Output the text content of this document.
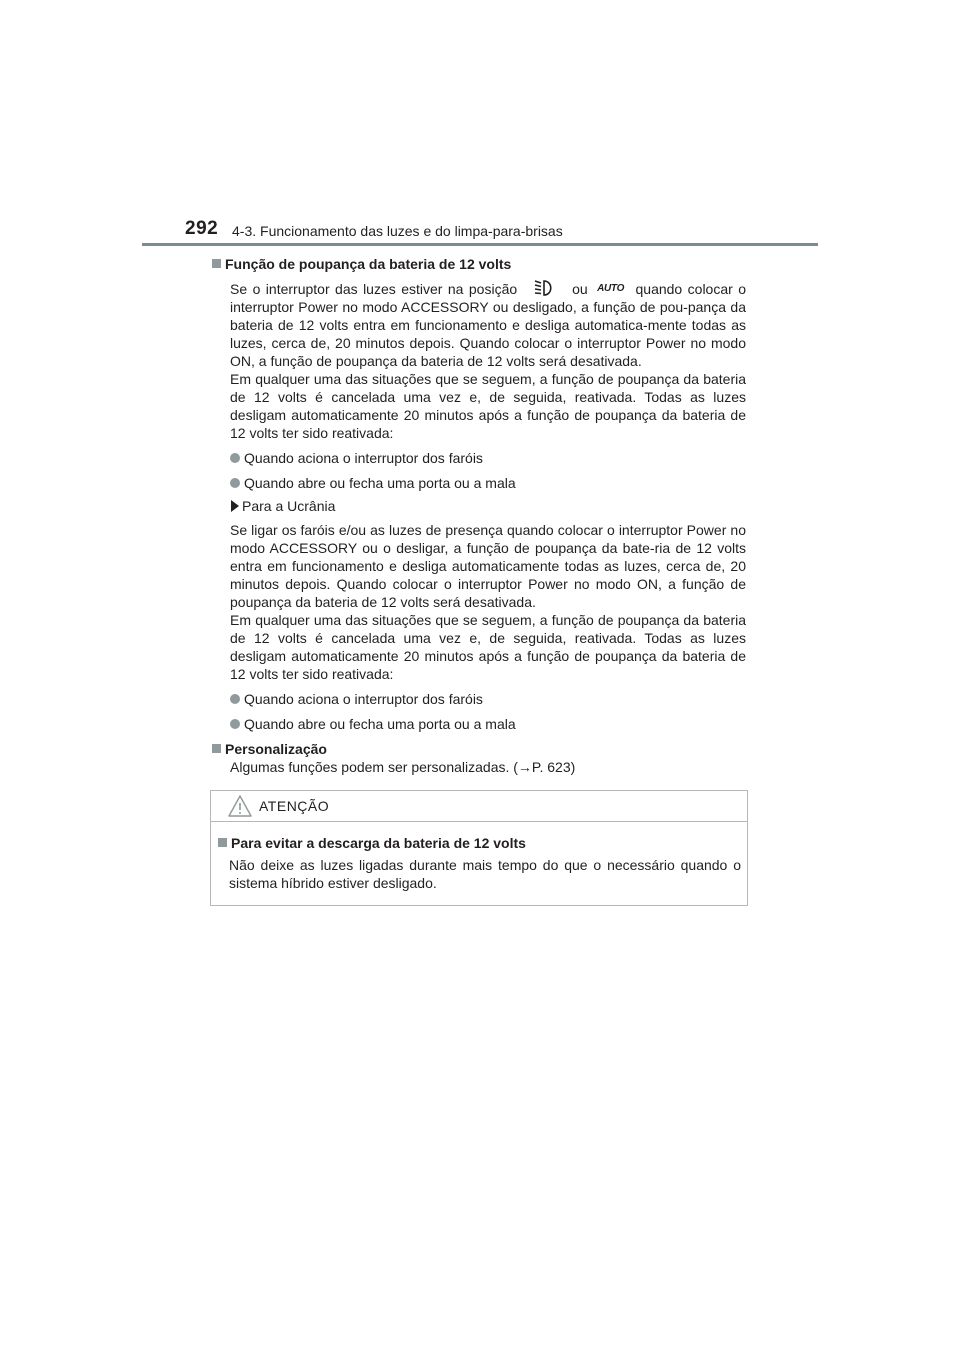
292 4-3. Funcionamento das luzes e do limpa-para-brisas
Função de poupança da bateria de 12 volts

Se o interruptor das luzes estiver na posição	ou AUTO quando colocar o interruptor Power no modo ACCESSORY ou desligado, a função de pou-pança da bateria de 12 volts entra em funcionamento e desliga automatica-mente todas as luzes, cerca de, 20 minutos depois. Quando colocar o interruptor Power no modo ON, a função de poupança da bateria de 12 volts será desativada.

Em qualquer uma das situações que se seguem, a função de poupança da bateria de 12 volts é cancelada uma vez e, de seguida, reativada. Todas as luzes desligam automaticamente 20 minutos após a função de poupança da bateria de 12 volts ter sido reativada:

Quando aciona o interruptor dos faróis
Quando abre ou fecha uma porta ou a mala
Para a Ucrânia

Se ligar os faróis e/ou as luzes de presença quando colocar o interruptor Power no modo ACCESSORY ou o desligar, a função de poupança da bate-ria de 12 volts entra em funcionamento e desliga automaticamente todas as luzes, cerca de, 20 minutos depois. Quando colocar o interruptor Power no modo ON, a função de poupança da bateria de 12 volts será desativada.

Em qualquer uma das situações que se seguem, a função de poupança da bateria de 12 volts é cancelada uma vez e, de seguida, reativada. Todas as luzes desligam automaticamente 20 minutos após a função de poupança da bateria de 12 volts ter sido reativada:

Quando aciona o interruptor dos faróis
Quando abre ou fecha uma porta ou a mala
Personalização

Algumas funções podem ser personalizadas. (→P. 623)

ATENÇÃO
Para evitar a descarga da bateria de 12 volts

Não deixe as luzes ligadas durante mais tempo do que o necessário quando o sistema híbrido estiver desligado.
